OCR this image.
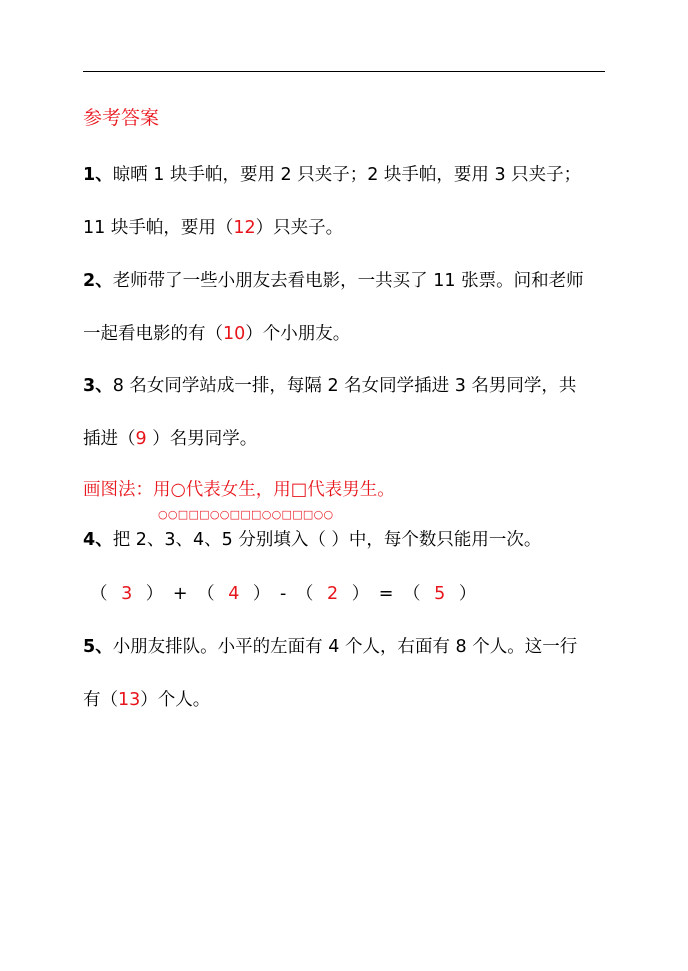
参考答案
1、晾晒 1 块手帕，要用 2 只夹子；2 块手帕，要用 3 只夹子；
11 块手帕，要用（12）只夹子。
2、老师带了一些小朋友去看电影，一共买了 11 张票。问和老师
一起看电影的有（10）个小朋友。
3、8 名女同学站成一排，每隔 2 名女同学插进 3 名男同学，共
插进（9 ）名男同学。
画图法：用○代表女生，用□代表男生。
○○□□□○○□□□○○□□□○○
4、把 2、3、4、5 分别填入（ ）中，每个数只能用一次。
（ 3 ） + （ 4 ） - （ 2 ） = （ 5 ）
5、小朋友排队。小平的左面有 4 个人，右面有 8 个人。这一行
有（13）个人。
